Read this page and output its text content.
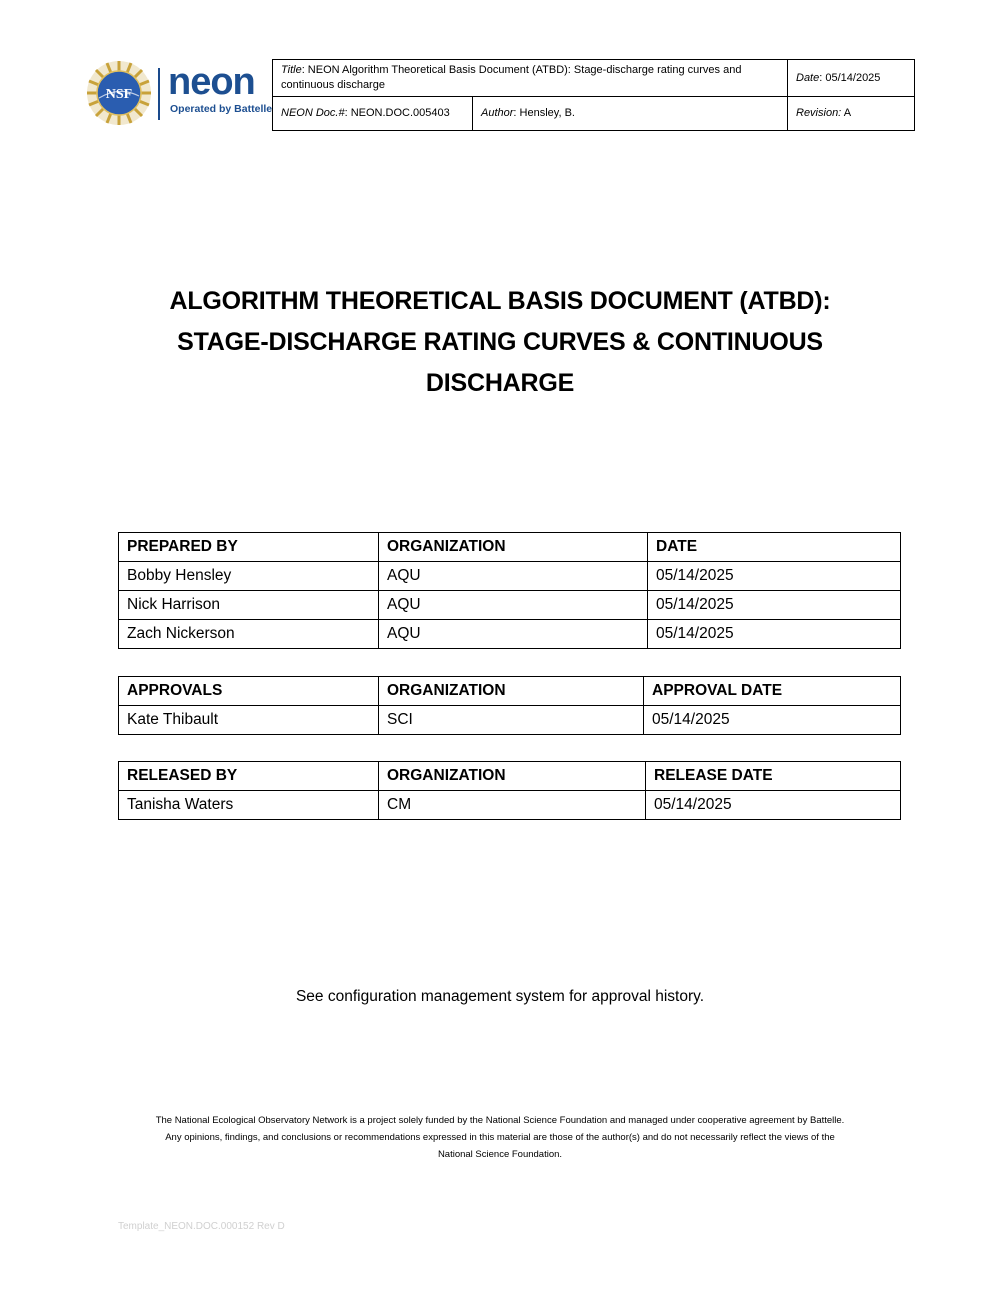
NSF neon
Operated by Battelle
Title: NEON Algorithm Theoretical Basis Document (ATBD): Stage-discharge rating curves and continuous discharge		Date: 05/14/2025
NEON Doc.#: NEON.DOC.005403	Author: Hensley, B.	Revision: A
ALGORITHM THEORETICAL BASIS DOCUMENT (ATBD):
STAGE-DISCHARGE RATING CURVES & CONTINUOUS
DISCHARGE
PREPARED BY	ORGANIZATION	DATE
Bobby Hensley	AQU	05/14/2025
Nick Harrison	AQU	05/14/2025
Zach Nickerson	AQU	05/14/2025
APPROVALS	ORGANIZATION	APPROVAL DATE
Kate Thibault	SCI	05/14/2025
RELEASED BY	ORGANIZATION	RELEASE DATE
Tanisha Waters	CM	05/14/2025
See configuration management system for approval history.
The National Ecological Observatory Network is a project solely funded by the National Science Foundation and managed under cooperative agreement by Battelle.
Any opinions, findings, and conclusions or recommendations expressed in this material are those of the author(s) and do not necessarily reflect the views of the
National Science Foundation.
Template_NEON.DOC.000152 Rev D
